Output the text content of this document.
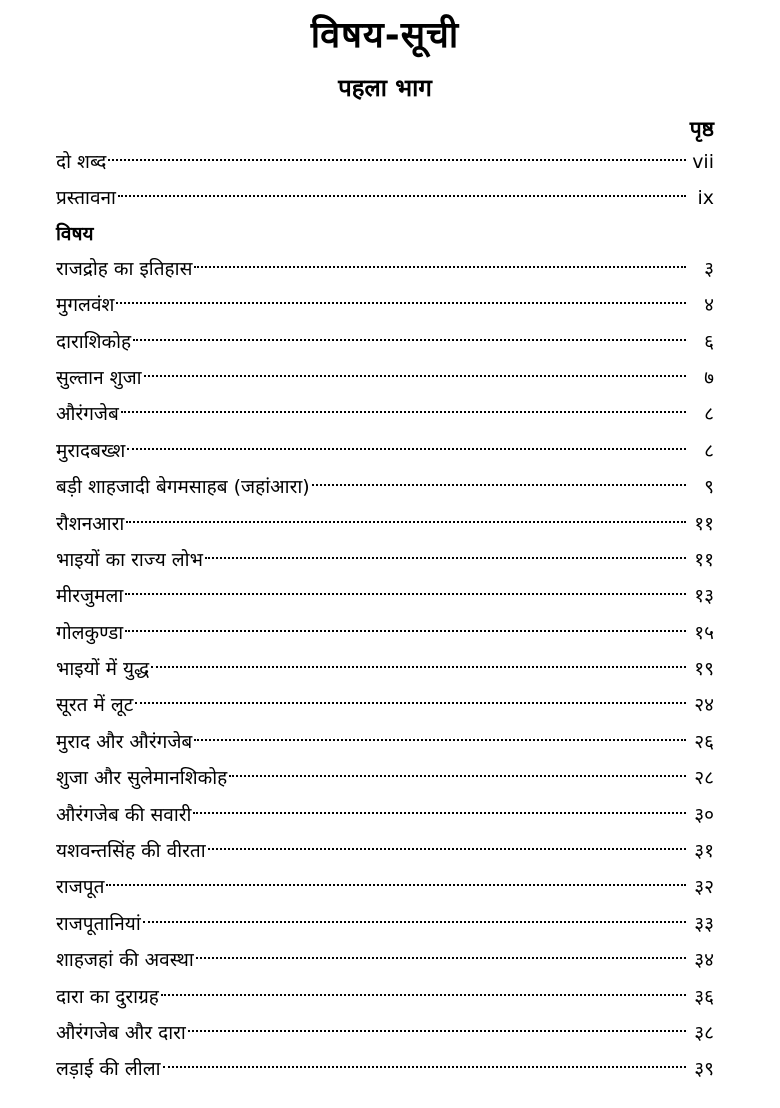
विषय-सूची
पहला भाग
पृष्ठ
दो शब्द	vii
प्रस्तावना	ix
विषय
राजद्रोह का इतिहास	३
मुगलवंश	४
दाराशिकोह	६
सुल्तान शुजा	७
औरंगजेब	८
मुरादबख्श	८
बड़ी शाहजादी बेगमसाहब (जहांआरा)	९
रौशनआरा	११
भाइयों का राज्य लोभ	११
मीरजुमला	१३
गोलकुण्डा	१५
भाइयों में युद्ध	१९
सूरत में लूट	२४
मुराद और औरंगजेब	२६
शुजा और सुलेमानशिकोह	२८
औरंगजेब की सवारी	३०
यशवन्तसिंह की वीरता	३१
राजपूत	३२
राजपूतानियां	३३
शाहजहां की अवस्था	३४
दारा का दुराग्रह	३६
औरंगजेब और दारा	३८
लड़ाई की लीला	३९
